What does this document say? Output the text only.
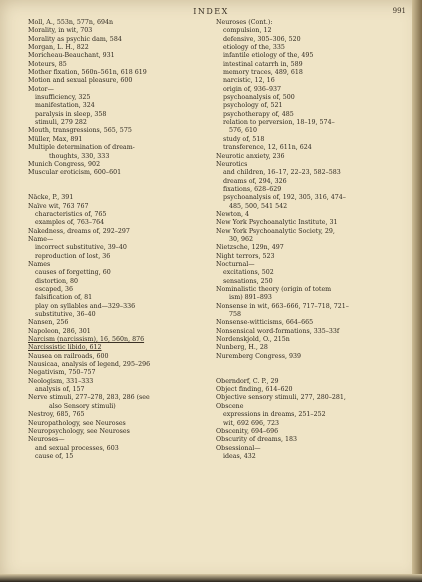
INDEX	991
Moll, A., 553n, 577n, 694n
Morality, in wit, 703
Morality as psychic dam, 584
Morgan, L. H., 822
Moricheau-Beauchant, 931
Moteurs, 85
Mother fixation, 560n–561n, 618 619
Motion and sexual pleasure, 600
Motor—
insufficiency, 325
manifestation, 324
paralysis in sleep, 358
stimuli, 279 282
Mouth, transgressions, 565, 575
Müller, Max, 891
Multiple determination of dream-
thoughts, 330, 333
Munich Congress, 902
Muscular eroticism, 600–601
Näcke, P., 391
Naïve wit, 763 767
characteristics of, 765
examples of, 763–764
Nakedness, dreams of, 292–297
Name—
incorrect substitutive, 39–40
reproduction of lost, 36
Names
causes of forgetting, 60
distortion, 80
escaped, 36
falsification of, 81
play on syllables and—329–336
substitutive, 36–40
Nansen, 256
Napoleon, 286, 301
Narcism (narcissism), 16, 560n, 876
Narcissistic libido, 612
Nausea on railroads, 600
Nausicaa, analysis of legend, 295–296
Negativism, 750–757
Neologism, 331–333
analysis of, 157
Nerve stimuli, 277–278, 283, 286 (see
also Sensory stimuli)
Nestroy, 685, 765
Neuropathology, see Neuroses
Neuropsychology, see Neuroses
Neuroses—
and sexual processes, 603
cause of, 15
Neuroses (Cont.):
compulsion, 12
defensive, 305–306, 520
etiology of the, 335
infantile etiology of the, 495
intestinal catarrh in, 589
memory traces, 489, 618
narcistic, 12, 16
origin of, 936–937
psychoanalysis of, 500
psychology of, 521
psychotherapy of, 485
relation to perversion, 18–19, 574–
576, 610
study of, 518
transference, 12, 611n, 624
Neurotic anxiety, 236
Neurotics
and children, 16–17, 22–23, 582–583
dreams of, 294, 326
fixations, 628–629
psychoanalysis of, 192, 305, 316, 474–
485, 500, 541 542
Newton, 4
New York Psychoanalytic Institute, 31
New York Psychoanalytic Society, 29,
30, 962
Nietzsche, 129n, 497
Night terrors, 523
Nocturnal—
excitations, 502
sensations, 250
Nominalistic theory (origin of totem
ism) 891–893
Nonsense in wit, 663–666, 717–718, 721–
758
Nonsense-witticisms, 664–665
Nonsensical word-formations, 335–33f
Nordenskjold, O., 215n
Nunberg, H., 28
Nuremberg Congress, 939
Oberndorf, C. P., 29
Object finding, 614–620
Objective sensory stimuli, 277, 280–281,
Obscene
expressions in dreams, 251–252
wit, 692 696, 723
Obscenity, 694–696
Obscurity of dreams, 183
Obsessional—
ideas, 432
